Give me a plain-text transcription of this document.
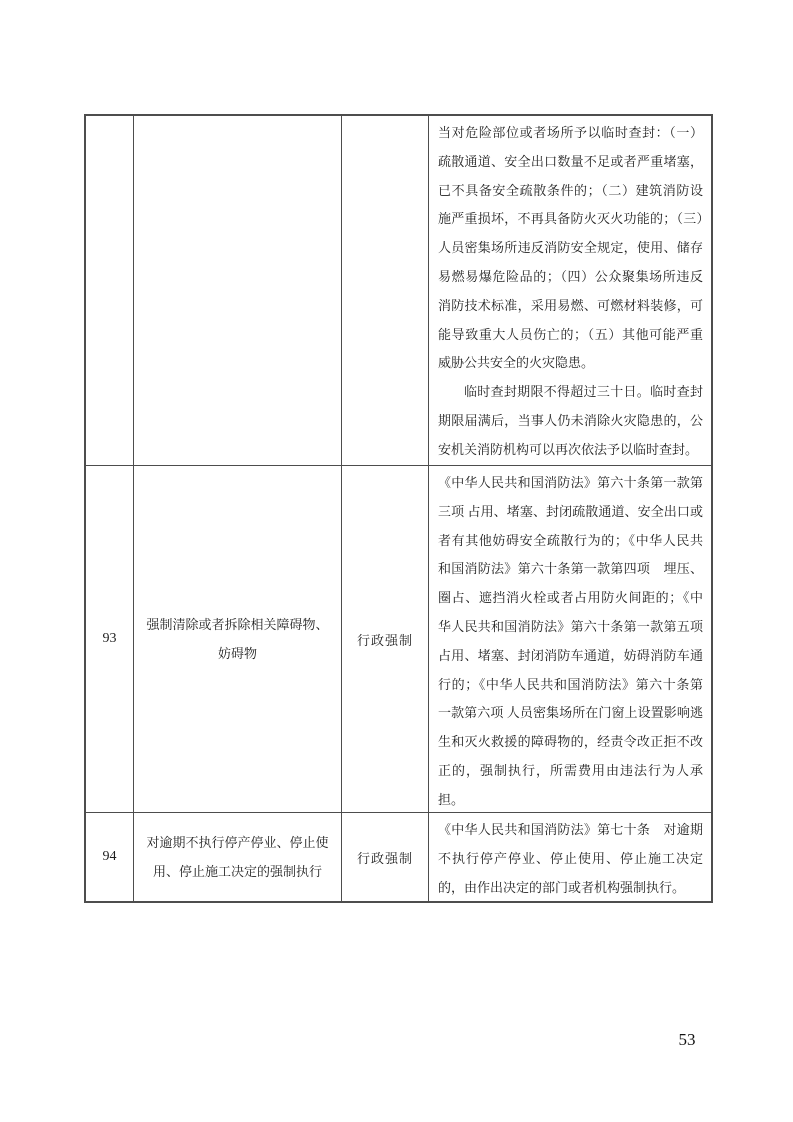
当对危险部位或者场所予以临时查封：（一）疏散通道、安全出口数量不足或者严重堵塞，已不具备安全疏散条件的；（二）建筑消防设施严重损坏，不再具备防火灭火功能的；（三）人员密集场所违反消防安全规定，使用、储存易燃易爆危险品的；（四）公众聚集场所违反消防技术标准，采用易燃、可燃材料装修，可能导致重大人员伤亡的；（五）其他可能严重威胁公共安全的火灾隐患。

临时查封期限不得超过三十日。临时查封期限届满后，当事人仍未消除火灾隐患的，公安机关消防机构可以再次依法予以临时查封。

93
强制清除或者拆除相关障碍物、妨碍物
行政强制

《中华人民共和国消防法》第六十条第一款第三项 占用、堵塞、封闭疏散通道、安全出口或者有其他妨碍安全疏散行为的；《中华人民共和国消防法》第六十条第一款第四项　埋压、圈占、遮挡消火栓或者占用防火间距的；《中华人民共和国消防法》第六十条第一款第五项 占用、堵塞、封闭消防车通道，妨碍消防车通行的；《中华人民共和国消防法》第六十条第一款第六项 人员密集场所在门窗上设置影响逃生和灭火救援的障碍物的，经责令改正拒不改正的，强制执行，所需费用由违法行为人承担。

94
对逾期不执行停产停业、停止使用、停止施工决定的强制执行
行政强制

《中华人民共和国消防法》第七十条　对逾期不执行停产停业、停止使用、停止施工决定的，由作出决定的部门或者机构强制执行。

53
